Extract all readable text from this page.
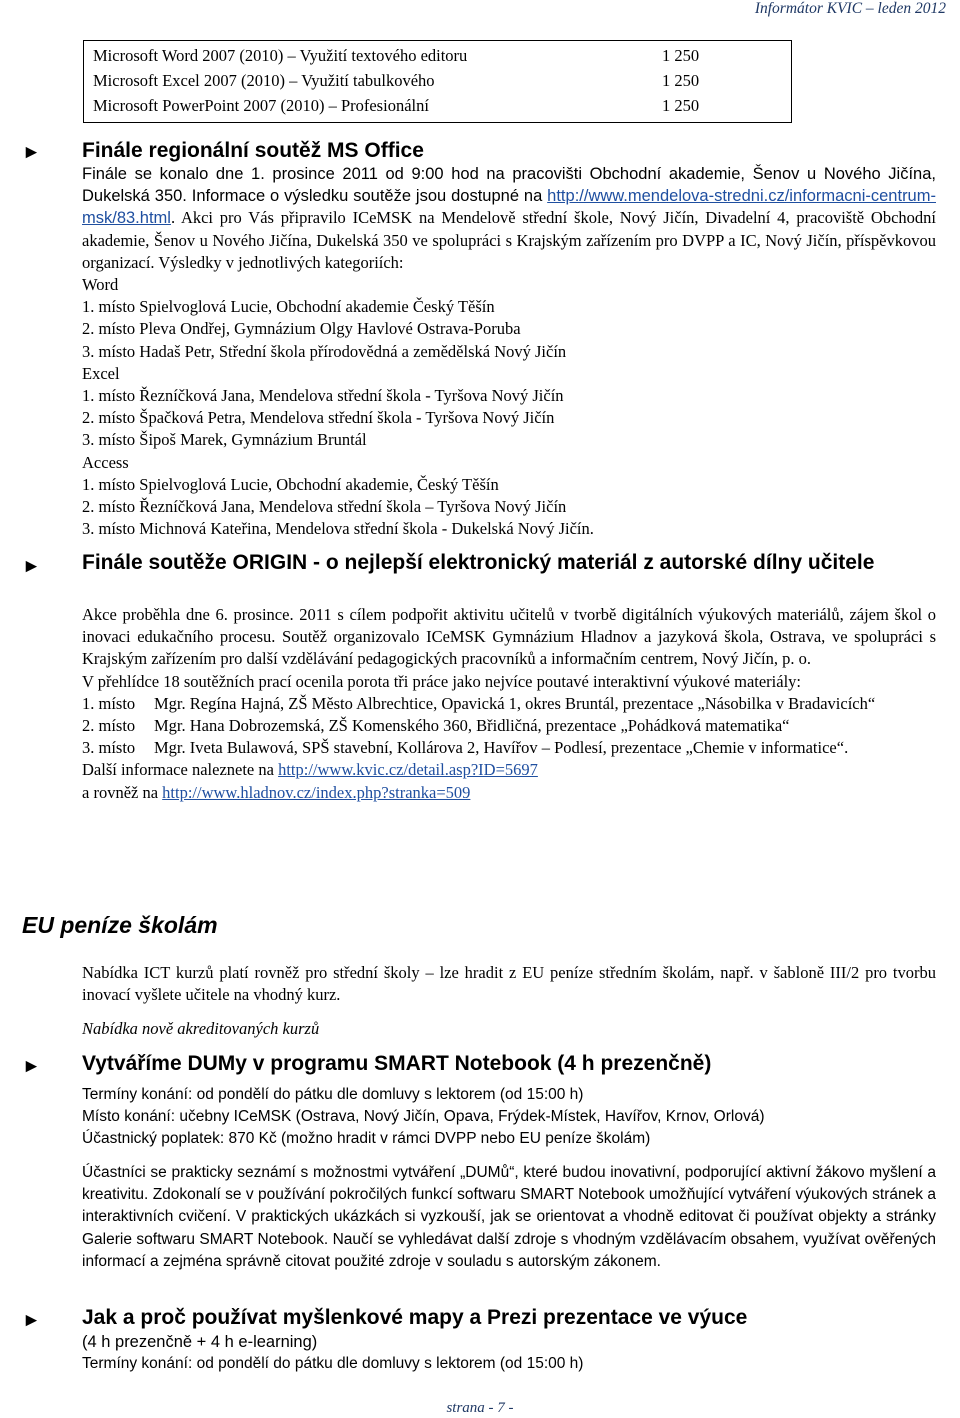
Informátor KVIC – leden 2012
Microsoft Word 2007 (2010) – Využití textového editoru	1 250
Microsoft Excel 2007 (2010) – Využití tabulkového	1 250
Microsoft PowerPoint 2007 (2010) – Profesionální	1 250
► Finále regionální soutěž MS Office
Finále se konalo dne 1. prosince 2011 od 9:00 hod na pracovišti Obchodní akademie, Šenov u Nového Jičína, Dukelská 350. Informace o výsledku soutěže jsou dostupné na http://www.mendelova-stredni.cz/informacni-centrum-msk/83.html. Akci pro Vás připravilo ICeMSK na Mendelově střední škole, Nový Jičín, Divadelní 4, pracoviště Obchodní akademie, Šenov u Nového Jičína, Dukelská 350 ve spolupráci s Krajským zařízením pro DVPP a IC, Nový Jičín, příspěvkovou organizací. Výsledky v jednotlivých kategoriích:
Word
1. místo Spielvoglová Lucie, Obchodní akademie Český Těšín
2. místo Pleva Ondřej, Gymnázium Olgy Havlové Ostrava-Poruba
3. místo Hadaš Petr, Střední škola přírodovědná a zemědělská Nový Jičín
Excel
1. místo Řezníčková Jana, Mendelova střední škola - Tyršova Nový Jičín
2. místo Špačková Petra, Mendelova střední škola - Tyršova Nový Jičín
3. místo Šipoš Marek, Gymnázium Bruntál
Access
1. místo Spielvoglová Lucie, Obchodní akademie, Český Těšín
2. místo Řezníčková Jana, Mendelova střední škola – Tyršova Nový Jičín
3. místo Michnová Kateřina, Mendelova střední škola - Dukelská Nový Jičín.
► Finále soutěže ORIGIN - o nejlepší elektronický materiál z autorské dílny učitele
Akce proběhla dne 6. prosince. 2011 s cílem podpořit aktivitu učitelů v tvorbě digitálních výukových materiálů, zájem škol o inovaci edukačního procesu. Soutěž organizovalo ICeMSK Gymnázium Hladnov a jazyková škola, Ostrava, ve spolupráci s Krajským zařízením pro další vzdělávání pedagogických pracovníků a informačním centrem, Nový Jičín, p. o.
V přehlídce 18 soutěžních prací ocenila porota tři práce jako nejvíce poutavé interaktivní výukové materiály:
1. místo	Mgr. Regína Hajná, ZŠ Město Albrechtice, Opavická 1, okres Bruntál, prezentace „Násobilka v Bradavicích“
2. místo	Mgr. Hana Dobrozemská, ZŠ Komenského 360, Břidličná, prezentace „Pohádková matematika“
3. místo	Mgr. Iveta Bulawová, SPŠ stavební, Kollárova 2, Havířov – Podlesí, prezentace „Chemie v informatice“.
Další informace naleznete na http://www.kvic.cz/detail.asp?ID=5697
a rovněž na http://www.hladnov.cz/index.php?stranka=509
EU peníze školám
Nabídka ICT kurzů platí rovněž pro střední školy – lze hradit z EU peníze středním školám, např. v šabloně III/2 pro tvorbu inovací vyšlete učitele na vhodný kurz.
Nabídka nově akreditovaných kurzů
► Vytváříme DUMy v programu SMART Notebook (4 h prezenčně)
Termíny konání: od pondělí do pátku dle domluvy s lektorem (od 15:00 h)
Místo konání: učebny ICeMSK (Ostrava, Nový Jičín, Opava, Frýdek-Místek, Havířov, Krnov, Orlová)
Účastnický poplatek: 870 Kč (možno hradit v rámci DVPP nebo EU peníze školám)
Účastníci se prakticky seznámí s možnostmi vytváření „DUMů“, které budou inovativní, podporující aktivní žákovo myšlení a kreativitu. Zdokonalí se v používání pokročilých funkcí softwaru SMART Notebook umožňující vytváření výukových stránek a interaktivních cvičení. V praktických ukázkách si vyzkouší, jak se orientovat a vhodně editovat či používat objekty a stránky Galerie softwaru SMART Notebook. Naučí se vyhledávat další zdroje s vhodným vzdělávacím obsahem, využívat ověřených informací a zejména správně citovat použité zdroje v souladu s autorským zákonem.
► Jak a proč používat myšlenkové mapy a Prezi prezentace ve výuce
(4 h prezenčně + 4 h e-learning)
Termíny konání: od pondělí do pátku dle domluvy s lektorem (od 15:00 h)
strana - 7 -
